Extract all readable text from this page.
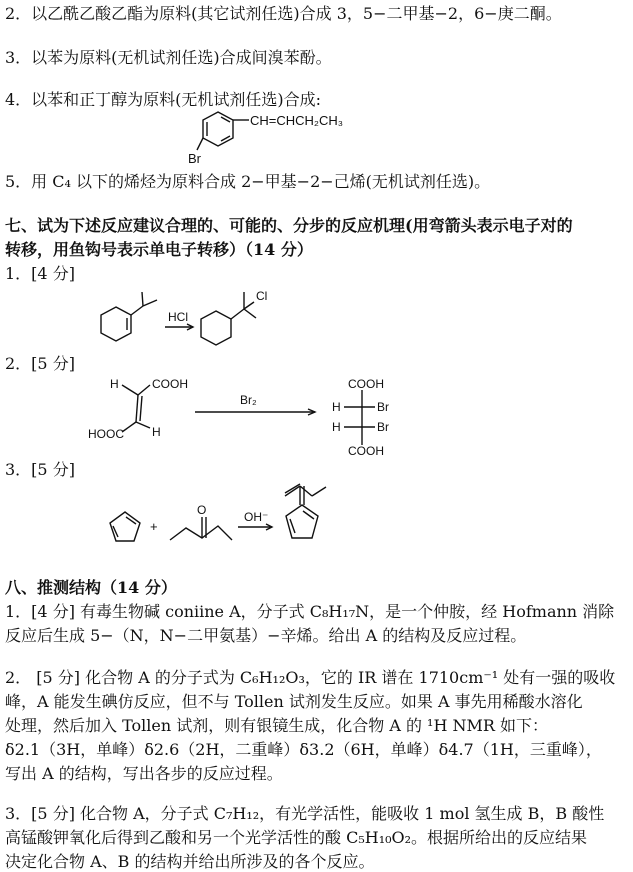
2．以乙酰乙酸乙酯为原料(其它试剂任选)合成 3，5−二甲基−2，6−庚二酮。
3．以苯为原料(无机试剂任选)合成间溴苯酚。
4．以苯和正丁醇为原料(无机试剂任选)合成:
5．用 C₄ 以下的烯烃为原料合成 2−甲基−2−己烯(无机试剂任选)。
七、试为下述反应建议合理的、可能的、分步的反应机理(用弯箭头表示电子对的
转移，用鱼钩号表示单电子转移）（14 分）
1．[4 分]
2．[5 分]
3．[5 分]
八、推测结构（14 分）
1．[4 分] 有毒生物碱 coniine A，分子式 C₈H₁₇N，是一个仲胺，经 Hofmann 消除
反应后生成 5−（N，N−二甲氨基）−辛烯。给出 A 的结构及反应过程。
2． [5 分] 化合物 A 的分子式为 C₆H₁₂O₃，它的 IR 谱在 1710cm⁻¹ 处有一强的吸收
峰，A 能发生碘仿反应，但不与 Tollen 试剂发生反应。如果 A 事先用稀酸水溶化
处理，然后加入 Tollen 试剂，则有银镜生成，化合物 A 的 ¹H NMR 如下：
δ2.1（3H，单峰）δ2.6（2H，二重峰）δ3.2（6H，单峰）δ4.7（1H，三重峰），
写出 A 的结构，写出各步的反应过程。
3．[5 分] 化合物 A，分子式 C₇H₁₂，有光学活性，能吸收 1 mol 氢生成 B，B 酸性
高锰酸钾氧化后得到乙酸和另一个光学活性的酸 C₅H₁₀O₂。根据所给出的反应结果
决定化合物 A、B 的结构并给出所涉及的各个反应。
CH=CHCH₂CH₃
Br
HCl
Cl
H	COOH
HOOC H
Br₂
COOH
H	Br
H	Br
COOH
+
O	OH⁻
